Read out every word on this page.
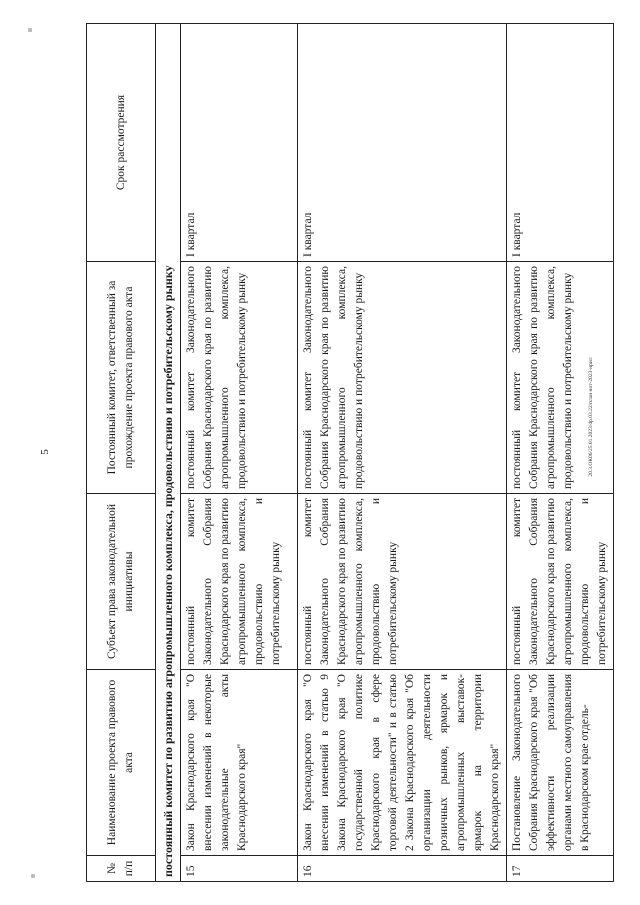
5	20.3.ОК06/25.01.2023/dp.03.22/план нот-2023-нрил
№ п/п	Наименование проекта правового акта	Субъект права законодательной инициативы	Постоянный комитет, ответственный за прохождение проекта правового акта	Срок рассмотрения
постоянный комитет по развитию агропромышленного комплекса, продовольствию и потребительскому рынку				
15	Закон Краснодарского края "О внесении изменений в некоторые законодательные акты Краснодарского края"	постоянный комитет Законодательного Собрания Краснодарского края по развитию агропромышленного комплекса, продовольствию и потребительскому рынку	постоянный комитет Законодательного Собрания Краснодарского края по развитию агропромышленного комплекса, продовольствию и потребительскому рынку	I квартал
16	Закон Краснодарского края "О внесении изменений в статью 9 Закона Краснодарского края "О государственной политике Краснодарского края в сфере торговой деятельности" и в статью 2 Закона Краснодарского края "Об организации деятельности розничных рынков, ярмарок и агропромышленных выставок-ярмарок на территории Краснодарского края"	постоянный комитет Законодательного Собрания Краснодарского края по развитию агропромышленного комплекса, продовольствию и потребительскому рынку	постоянный комитет Законодательного Собрания Краснодарского края по развитию агропромышленного комплекса, продовольствию и потребительскому рынку	I квартал
17	Постановление Законодательного Собрания Краснодарского края "Об эффективности реализации органами местного самоуправления в Краснодарском крае отдель-	постоянный комитет Законодательного Собрания Краснодарского края по развитию агропромышленного комплекса, продовольствию и потребительскому рынку	постоянный комитет Законодательного Собрания Краснодарского края по развитию агропромышленного комплекса, продовольствию и потребительскому рынку	I квартал
